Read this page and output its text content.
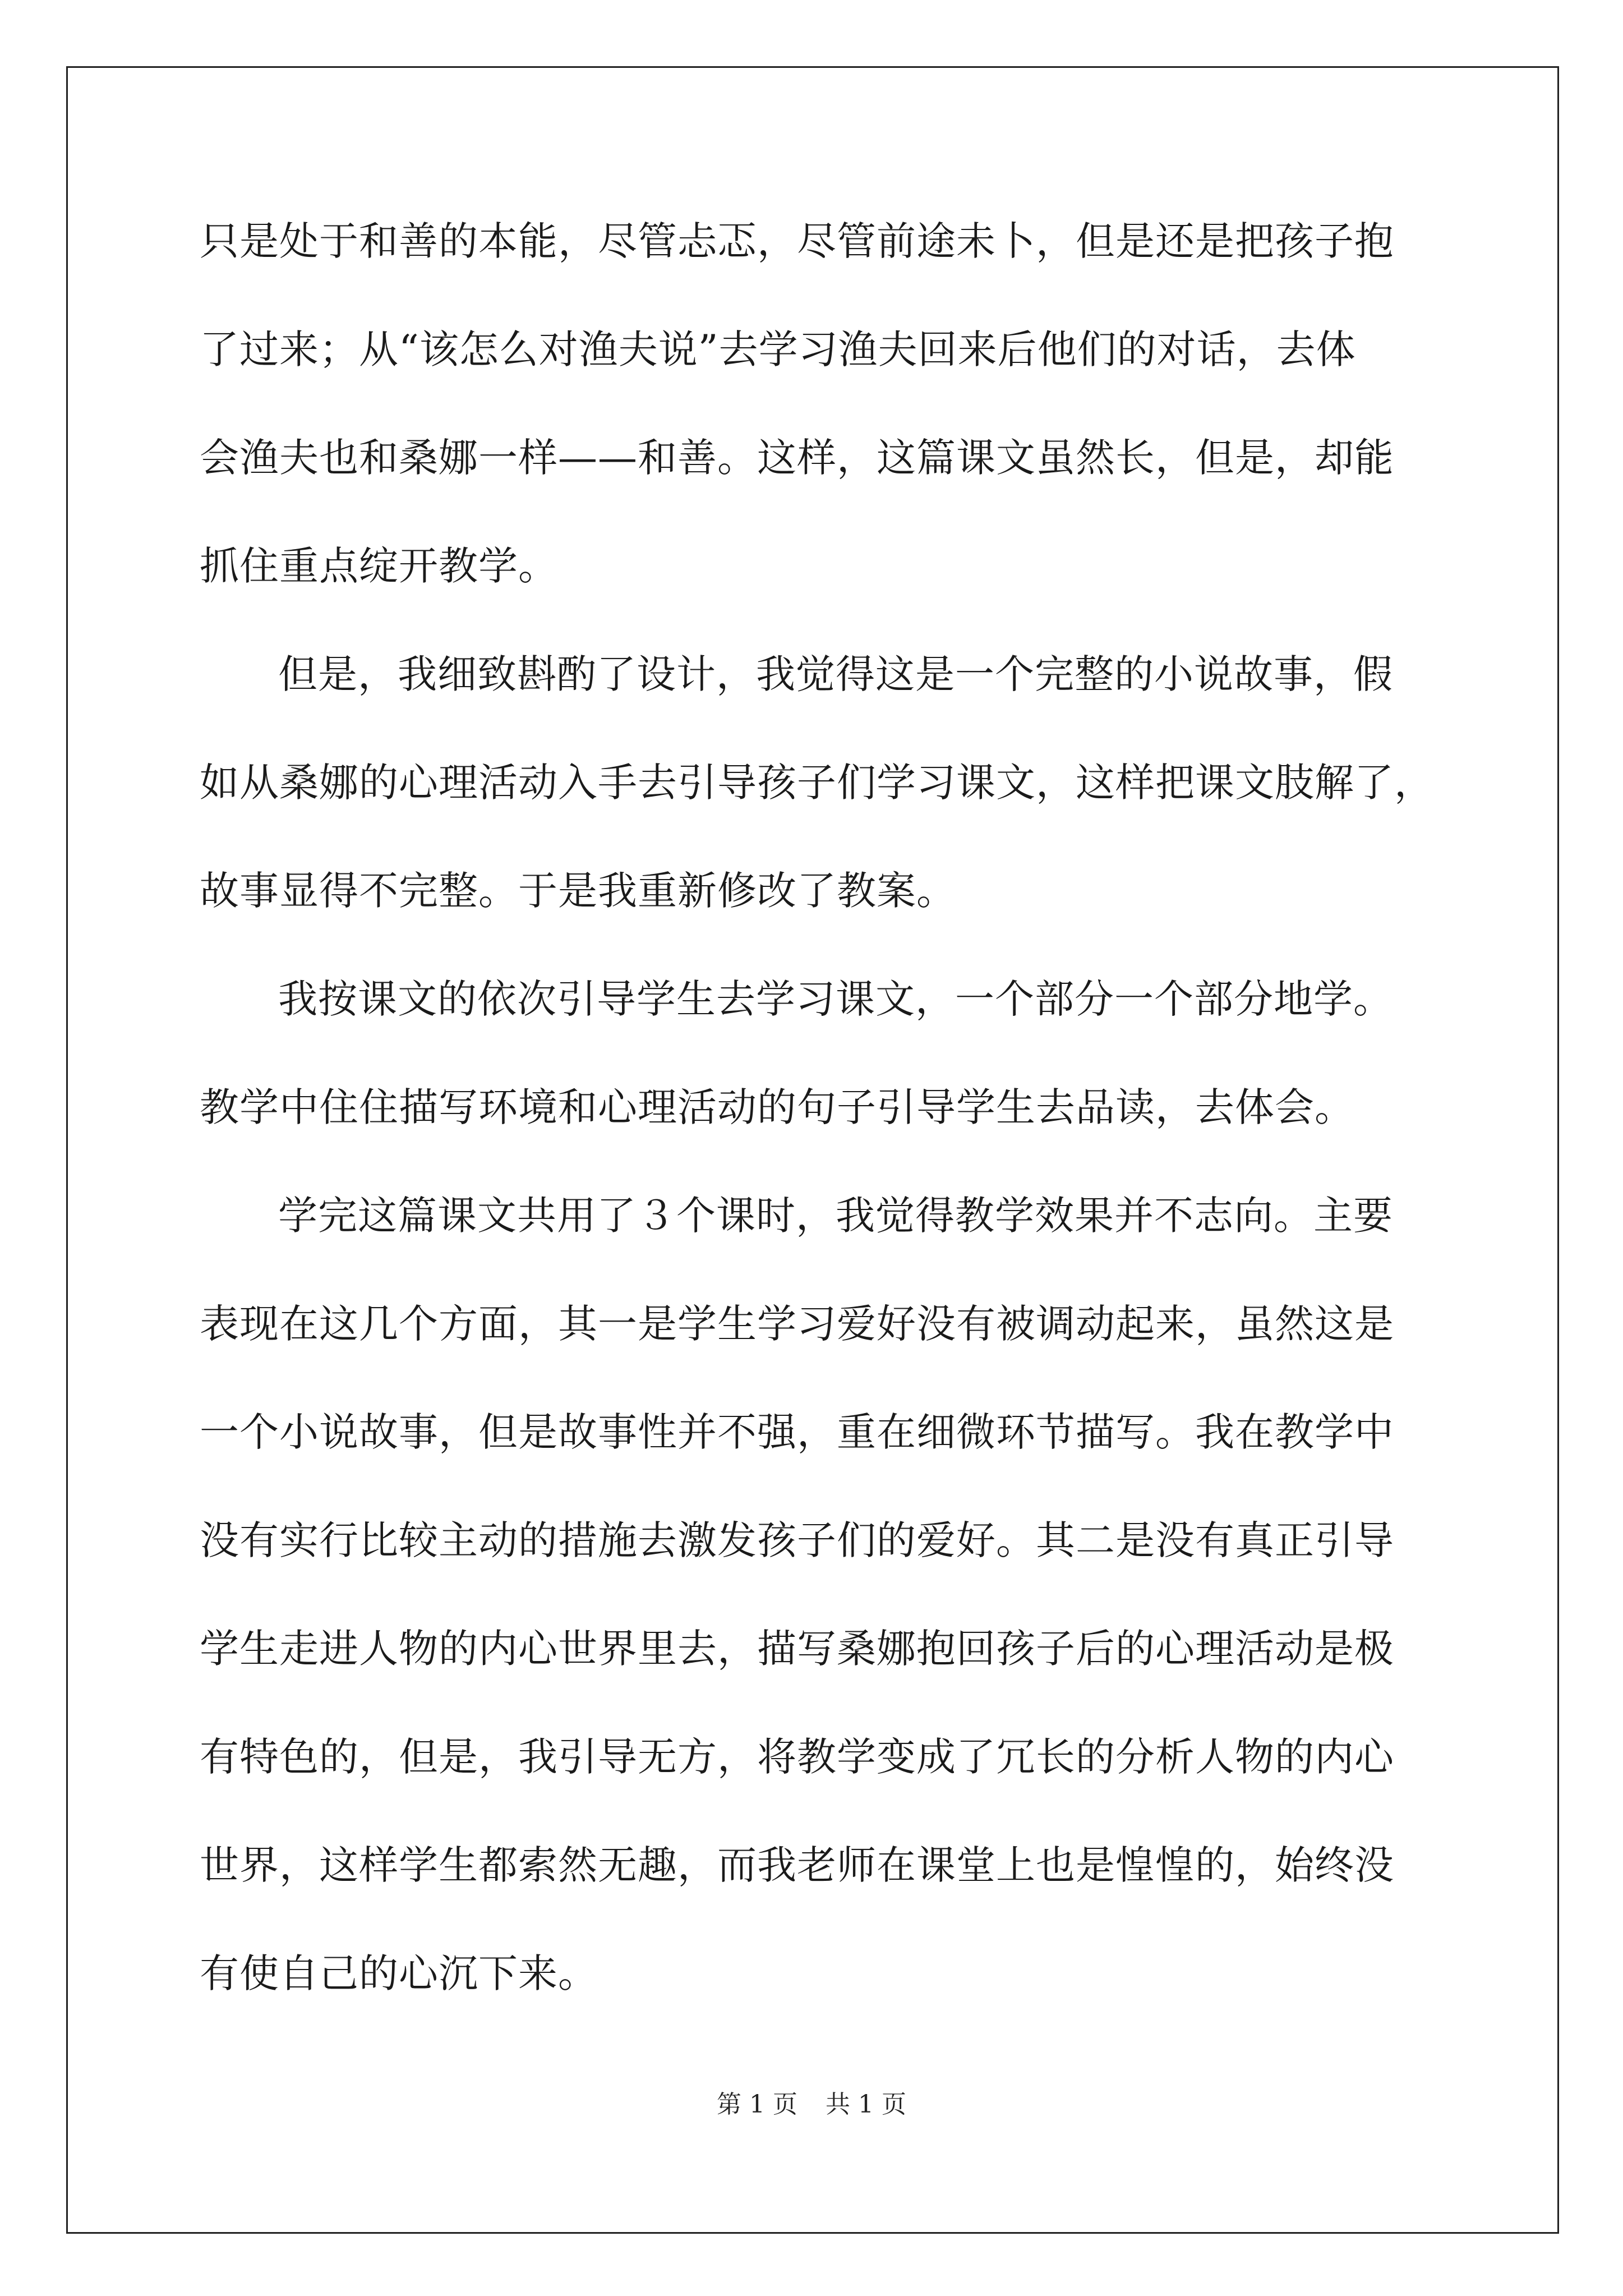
只是处于和善的本能，尽管忐忑，尽管前途未卜，但是还是把孩子抱
了过来；从“该怎么对渔夫说”去学习渔夫回来后他们的对话，去体
会渔夫也和桑娜一样——和善。这样，这篇课文虽然长，但是，却能
抓住重点绽开教学。
但是，我细致斟酌了设计，我觉得这是一个完整的小说故事，假
如从桑娜的心理活动入手去引导孩子们学习课文，这样把课文肢解了，
故事显得不完整。于是我重新修改了教案。
我按课文的依次引导学生去学习课文，一个部分一个部分地学。
教学中住住描写环境和心理活动的句子引导学生去品读，去体会。
学完这篇课文共用了３个课时，我觉得教学效果并不志向。主要
表现在这几个方面，其一是学生学习爱好没有被调动起来，虽然这是
一个小说故事，但是故事性并不强，重在细微环节描写。我在教学中
没有实行比较主动的措施去激发孩子们的爱好。其二是没有真正引导
学生走进人物的内心世界里去，描写桑娜抱回孩子后的心理活动是极
有特色的，但是，我引导无方，将教学变成了冗长的分析人物的内心
世界，这样学生都索然无趣，而我老师在课堂上也是惶惶的，始终没
有使自己的心沉下来。
第 1 页 共 1 页
